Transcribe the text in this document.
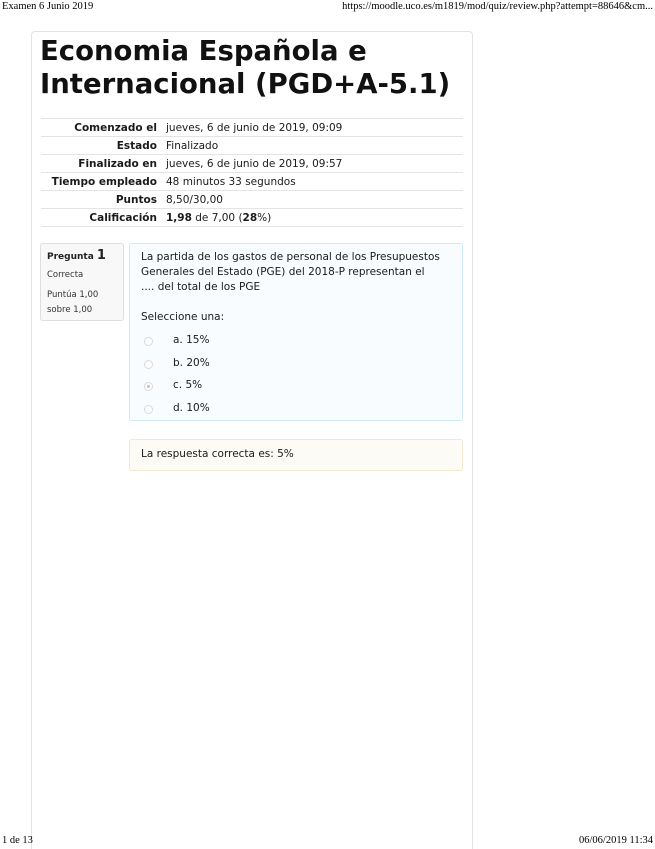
Examen 6 Junio 2019	https://moodle.uco.es/m1819/mod/quiz/review.php?attempt=88646&cm...
Economia Española e Internacional (PGD+A-5.1)
Comenzado el	jueves, 6 de junio de 2019, 09:09
Estado	Finalizado
Finalizado en	jueves, 6 de junio de 2019, 09:57
Tiempo empleado	48 minutos 33 segundos
Puntos	8,50/30,00
Calificación	1,98 de 7,00 (28%)
Pregunta 1
Correcta
Puntúa 1,00 sobre 1,00
La partida de los gastos de personal de los Presupuestos Generales del Estado (PGE) del 2018-P representan el .... del total de los PGE
Seleccione una:
a. 15%
b. 20%
c. 5%
d. 10%
La respuesta correcta es: 5%
1 de 13	06/06/2019 11:34
